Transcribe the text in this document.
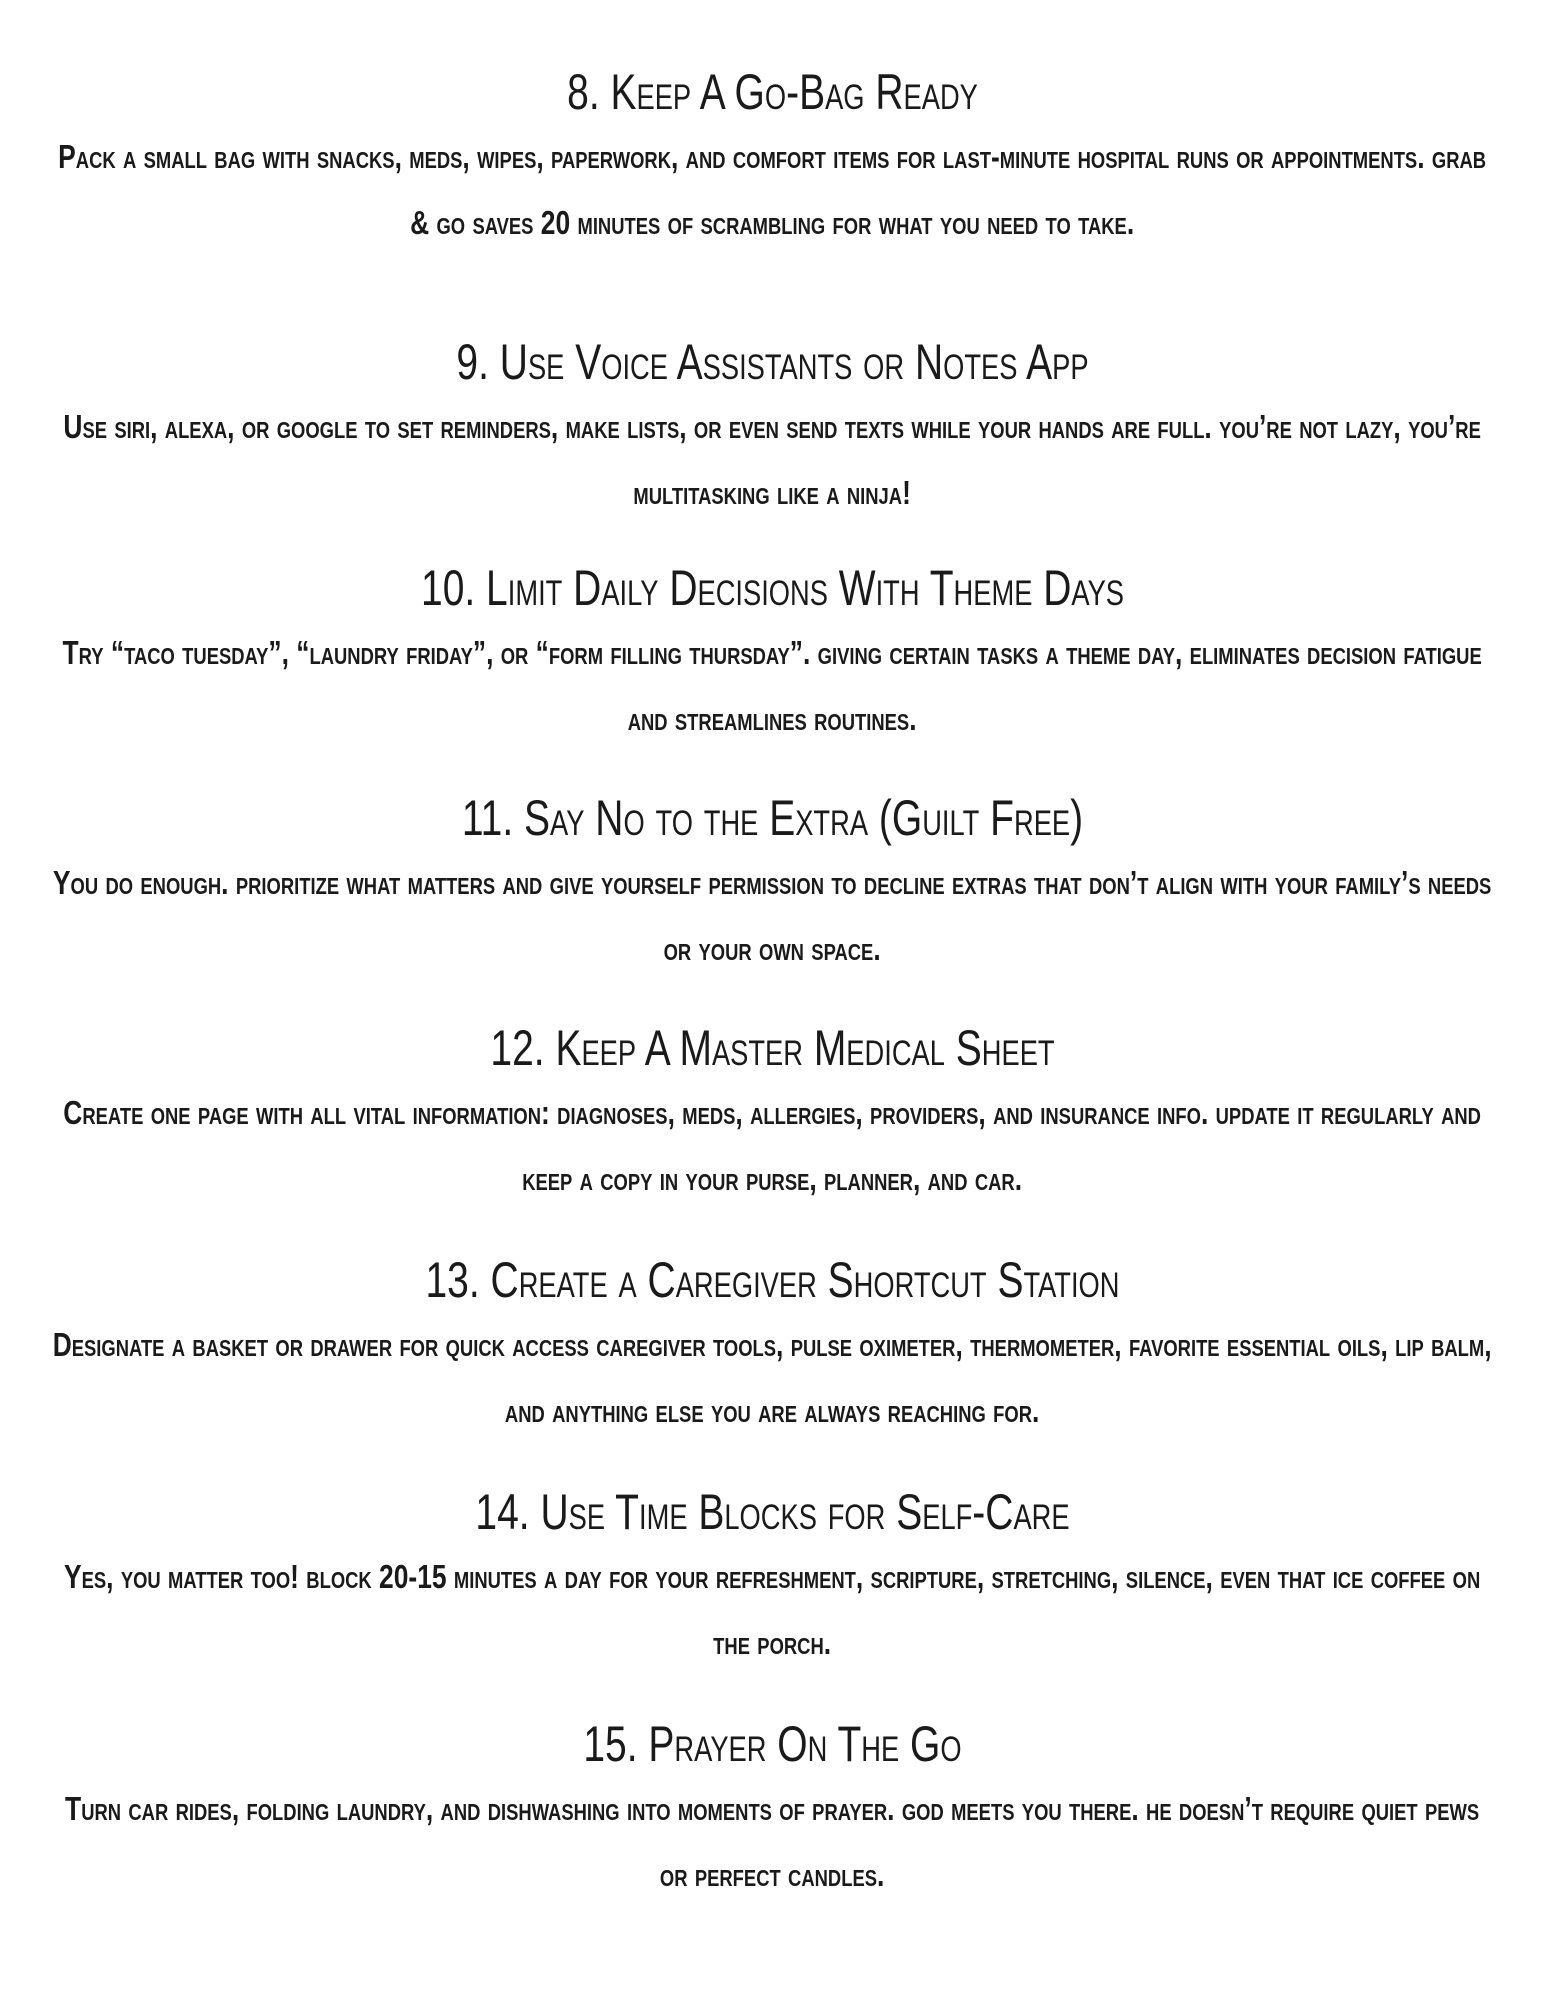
8. Keep A Go-Bag Ready

Pack a small bag with snacks, meds, wipes, paperwork, and comfort items for last-minute hospital runs or appointments. grab & go saves 20 minutes of scrambling for what you need to take.

9. Use Voice Assistants or Notes App

Use siri, alexa, or google to set reminders, make lists, or even send texts while your hands are full. you’re not lazy, you’re multitasking like a ninja!

10. Limit Daily Decisions With Theme Days

Try “taco tuesday”, “laundry friday”, or “form filling thursday”. giving certain tasks a theme day, eliminates decision fatigue and streamlines routines.

11. Say No to the Extra (Guilt Free)

You do enough. prioritize what matters and give yourself permission to decline extras that don’t align with your family’s needs or your own space.

12. Keep A Master Medical Sheet

Create one page with all vital information: diagnoses, meds, allergies, providers, and insurance info. update it regularly and keep a copy in your purse, planner, and car.

13. Create a Caregiver Shortcut Station

Designate a basket or drawer for quick access caregiver tools, pulse oximeter, thermometer, favorite essential oils, lip balm, and anything else you are always reaching for.

14. Use Time Blocks for Self-Care

Yes, you matter too! block 20-15 minutes a day for your refreshment, scripture, stretching, silence, even that ice coffee on the porch.

15. Prayer On The Go

Turn car rides, folding laundry, and dishwashing into moments of prayer. god meets you there. he doesn’t require quiet pews or perfect candles.
